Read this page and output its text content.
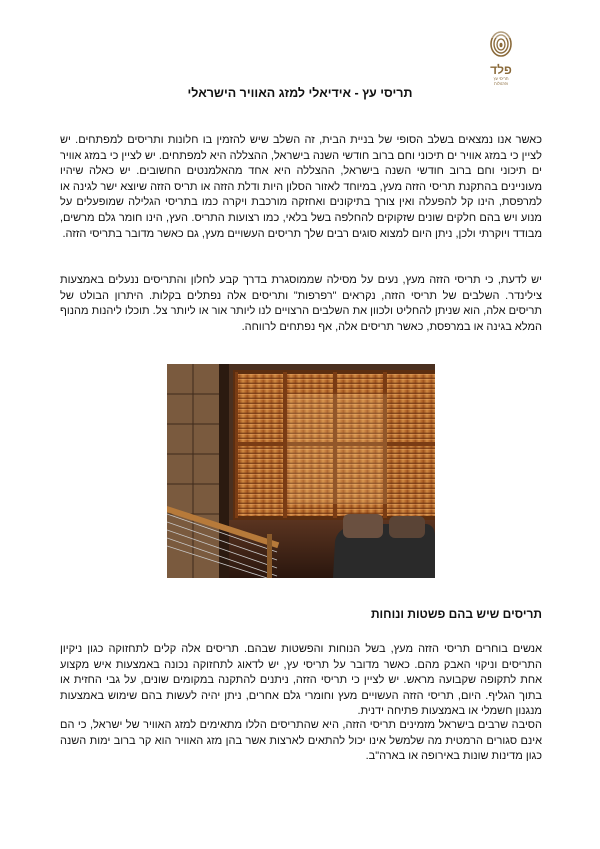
פלד
תריסי עץ ופרגולות
תריסי עץ - אידיאלי למזג האוויר הישראלי
כאשר אנו נמצאים בשלב הסופי של בניית הבית, זה השלב שיש להזמין בו חלונות ותריסים למפתחים. יש לציין כי במזג אוויר ים תיכוני וחם ברוב חודשי השנה בישראל, ההצללה היא למפתחים. יש לציין כי במזג אוויר ים תיכוני וחם ברוב חודשי השנה בישראל, ההצללה היא אחד מהאלמנטים החשובים. יש כאלה שיהיו מעוניינים בהתקנת תריסי הזזה מעץ, במיוחד לאזור הסלון היות ודלת הזזה או תריס הזזה שיוצא ישר לגינה או למרפסת, הינו קל להפעלה ואין צורך בתיקונים ואחזקה מורכבת ויקרה כמו בתריסי הגלילה שמופעלים על מנוע ויש בהם חלקים שונים שזקוקים להחלפה בשל בלאי, כמו רצועות התריס. העץ, הינו חומר גלם מרשים, מבודד ויוקרתי ולכן, ניתן היום למצוא סוגים רבים שלך תריסים העשויים מעץ, גם כאשר מדובר בתריסי הזזה.
יש לדעת, כי תריסי הזזה מעץ, נעים על מסילה שממוסגרת בדרך קבע לחלון והתריסים ננעלים באמצעות צילינדר. השלבים של תריסי הזזה, נקראים "רפרפות" ותריסים אלה נפתלים בקלות. היתרון הבולט של תריסים אלה, הוא שניתן להחליט ולכוון את השלבים הרצויים לנו ליותר אור או ליותר צל. תוכלו ליהנות מהנוף המלא בגינה או במרפסת, כאשר תריסים אלה, אף נפתחים לרווחה.
תריסים שיש בהם פשטות ונוחות
אנשים בוחרים תריסי הזזה מעץ, בשל הנוחות והפשטות שבהם. תריסים אלה קלים לתחזוקה כגון ניקיון התריסים וניקוי האבק מהם. כאשר מדובר על תריסי עץ, יש לדאוג לתחזוקה נכונה באמצעות איש מקצוע אחת לתקופה שקבועה מראש. יש לציין כי תריסי הזזה, ניתנים להתקנה במקומים שונים, על גבי החזית או בתוך הגליף. היום, תריסי הזזה העשויים מעץ וחומרי גלם אחרים, ניתן יהיה לעשות בהם שימוש באמצעות מנגנון חשמלי או באמצעות פתיחה ידנית.
הסיבה שרבים בישראל מזמינים תריסי הזזה, היא שהתריסים הללו מתאימים למזג האוויר של ישראל, כי הם אינם סגורים הרמטית מה שלמשל אינו יכול להתאים לארצות אשר בהן מזג האוויר הוא קר ברוב ימות השנה כגון מדינות שונות באירופה או בארה"ב.
